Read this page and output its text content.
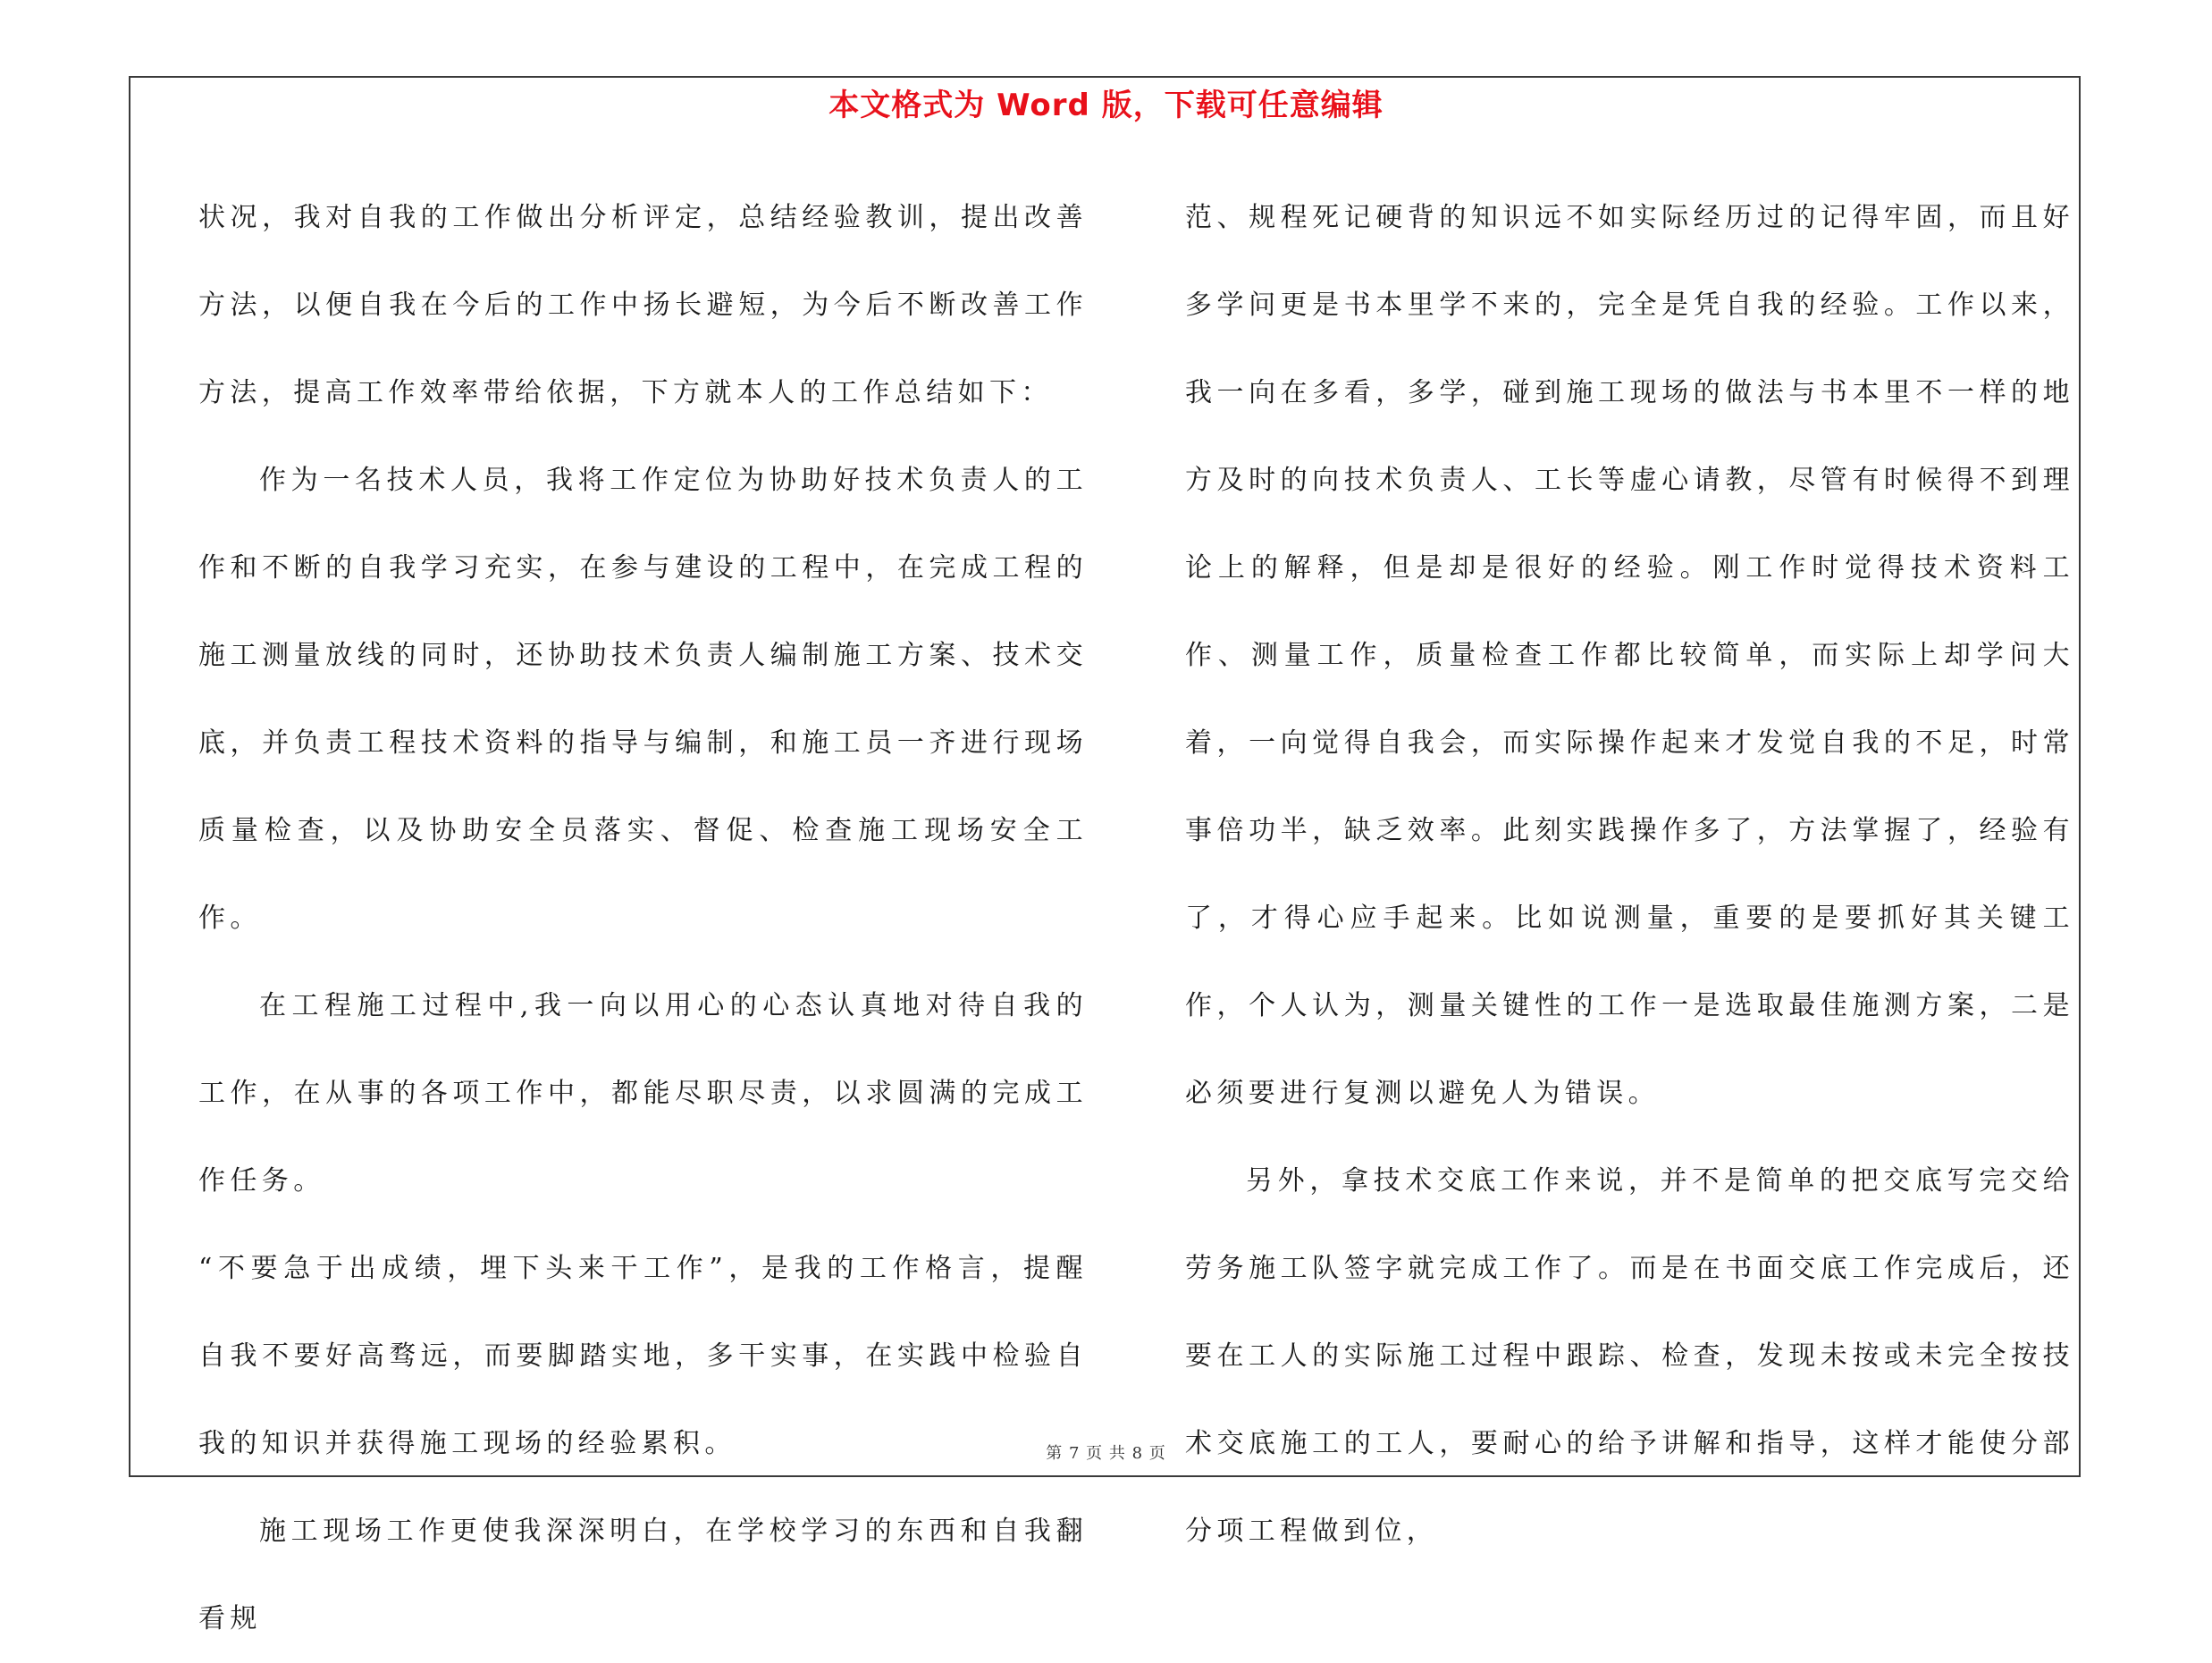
本文格式为 Word 版，下载可任意编辑

状况，我对自我的工作做出分析评定，总结经验教训，提出改善方法，以便自我在今后的工作中扬长避短，为今后不断改善工作方法，提高工作效率带给依据，下方就本人的工作总结如下：

作为一名技术人员，我将工作定位为协助好技术负责人的工作和不断的自我学习充实，在参与建设的工程中，在完成工程的施工测量放线的同时，还协助技术负责人编制施工方案、技术交底，并负责工程技术资料的指导与编制，和施工员一齐进行现场质量检查，以及协助安全员落实、督促、检查施工现场安全工作。

在工程施工过程中,我一向以用心的心态认真地对待自我的工作，在从事的各项工作中，都能尽职尽责，以求圆满的完成工作任务。

“不要急于出成绩，埋下头来干工作”，是我的工作格言，提醒自我不要好高骛远，而要脚踏实地，多干实事，在实践中检验自我的知识并获得施工现场的经验累积。

施工现场工作更使我深深明白，在学校学习的东西和自我翻看规

范、规程死记硬背的知识远不如实际经历过的记得牢固，而且好多学问更是书本里学不来的，完全是凭自我的经验。工作以来，我一向在多看，多学，碰到施工现场的做法与书本里不一样的地方及时的向技术负责人、工长等虚心请教，尽管有时候得不到理论上的解释，但是却是很好的经验。刚工作时觉得技术资料工作、测量工作，质量检查工作都比较简单，而实际上却学问大着，一向觉得自我会，而实际操作起来才发觉自我的不足，时常事倍功半，缺乏效率。此刻实践操作多了，方法掌握了，经验有了，才得心应手起来。比如说测量，重要的是要抓好其关键工作，个人认为，测量关键性的工作一是选取最佳施测方案，二是必须要进行复测以避免人为错误。

另外，拿技术交底工作来说，并不是简单的把交底写完交给劳务施工队签字就完成工作了。而是在书面交底工作完成后，还要在工人的实际施工过程中跟踪、检查，发现未按或未完全按技术交底施工的工人，要耐心的给予讲解和指导，这样才能使分部分项工程做到位，

第 7 页 共 8 页
